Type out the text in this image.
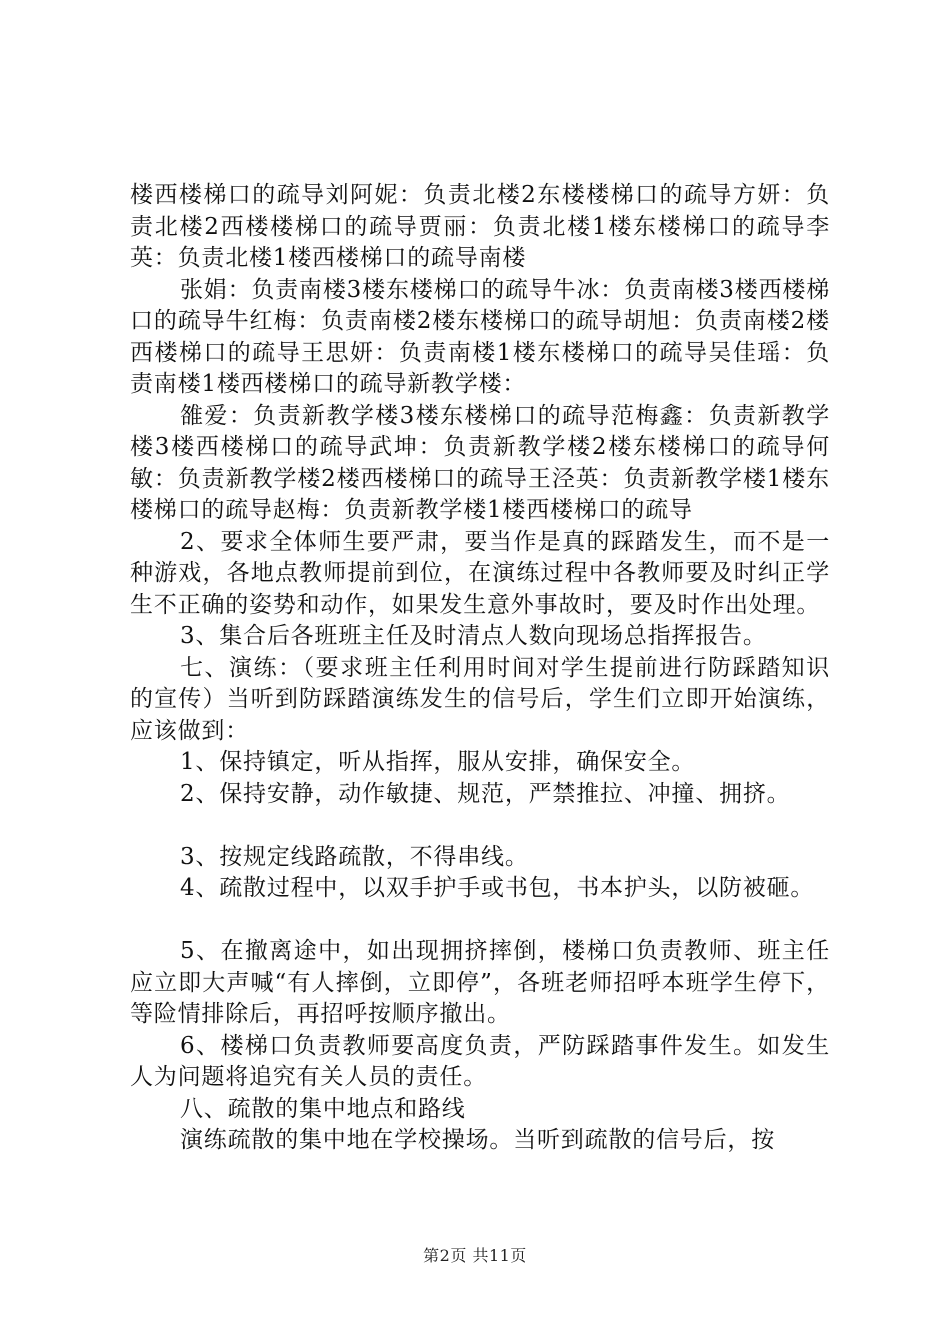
楼西楼梯口的疏导刘阿妮：负责北楼2东楼楼梯口的疏导方妍：负责北楼2西楼楼梯口的疏导贾丽：负责北楼1楼东楼梯口的疏导李英：负责北楼1楼西楼梯口的疏导南楼

张娟：负责南楼3楼东楼梯口的疏导牛冰：负责南楼3楼西楼梯口的疏导牛红梅：负责南楼2楼东楼梯口的疏导胡旭：负责南楼2楼西楼梯口的疏导王思妍：负责南楼1楼东楼梯口的疏导吴佳瑶：负责南楼1楼西楼梯口的疏导新教学楼：

雒爱：负责新教学楼3楼东楼梯口的疏导范梅鑫：负责新教学楼3楼西楼梯口的疏导武坤：负责新教学楼2楼东楼梯口的疏导何敏：负责新教学楼2楼西楼梯口的疏导王泾英：负责新教学楼1楼东楼梯口的疏导赵梅：负责新教学楼1楼西楼梯口的疏导

2、要求全体师生要严肃，要当作是真的踩踏发生，而不是一种游戏，各地点教师提前到位，在演练过程中各教师要及时纠正学生不正确的姿势和动作，如果发生意外事故时，要及时作出处理。

3、集合后各班班主任及时清点人数向现场总指挥报告。

七、演练：（要求班主任利用时间对学生提前进行防踩踏知识的宣传）当听到防踩踏演练发生的信号后，学生们立即开始演练，应该做到：

1、保持镇定，听从指挥，服从安排，确保安全。

2、保持安静，动作敏捷、规范，严禁推拉、冲撞、拥挤。

3、按规定线路疏散，不得串线。

4、疏散过程中，以双手护手或书包，书本护头，以防被砸。

5、在撤离途中，如出现拥挤摔倒，楼梯口负责教师、班主任应立即大声喊“有人摔倒，立即停”，各班老师招呼本班学生停下，等险情排除后，再招呼按顺序撤出。

6、楼梯口负责教师要高度负责，严防踩踏事件发生。如发生人为问题将追究有关人员的责任。

八、疏散的集中地点和路线

演练疏散的集中地在学校操场。当听到疏散的信号后，按

第2页 共11页
